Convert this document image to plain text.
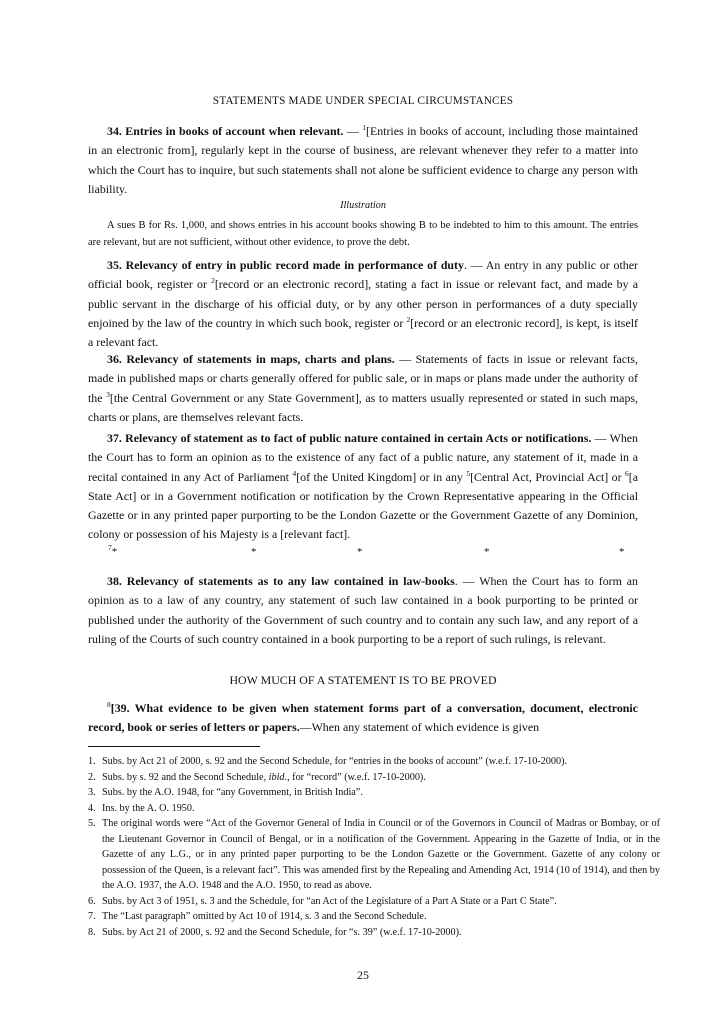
STATEMENTS MADE UNDER SPECIAL CIRCUMSTANCES
34. Entries in books of account when relevant. — $^1$[Entries in books of account, including those maintained in an electronic from], regularly kept in the course of business, are relevant whenever they refer to a matter into which the Court has to inquire, but such statements shall not alone be sufficient evidence to charge any person with liability.
Illustration
A sues B for Rs. 1,000, and shows entries in his account books showing B to be indebted to him to this amount. The entries are relevant, but are not sufficient, without other evidence, to prove the debt.
35. Relevancy of entry in public record made in performance of duty. — An entry in any public or other official book, register or $^2$[record or an electronic record], stating a fact in issue or relevant fact, and made by a public servant in the discharge of his official duty, or by any other person in performances of a duty specially enjoined by the law of the country in which such book, register or $^2$[record or an electronic record], is kept, is itself a relevant fact.
36. Relevancy of statements in maps, charts and plans. — Statements of facts in issue or relevant facts, made in published maps or charts generally offered for public sale, or in maps or plans made under the authority of the $^3$[the Central Government or any State Government], as to matters usually represented or stated in such maps, charts or plans, are themselves relevant facts.
37. Relevancy of statement as to fact of public nature contained in certain Acts or notifications. — When the Court has to form an opinion as to the existence of any fact of a public nature, any statement of it, made in a recital contained in any Act of Parliament $^4$[of the United Kingdom] or in any $^5$[Central Act, Provincial Act] or $^6$[a State Act] or in a Government notification or notification by the Crown Representative appearing in the Official Gazette or in any printed paper purporting to be the London Gazette or the Government Gazette of any Dominion, colony or possession of his Majesty is a [relevant fact].
$^7$*	*	*	*	*
38. Relevancy of statements as to any law contained in law-books. — When the Court has to form an opinion as to a law of any country, any statement of such law contained in a book purporting to be printed or published under the authority of the Government of such country and to contain any such law, and any report of a ruling of the Courts of such country contained in a book purporting to be a report of such rulings, is relevant.
HOW MUCH OF A STATEMENT IS TO BE PROVED
$^8$[39. What evidence to be given when statement forms part of a conversation, document, electronic record, book or series of letters or papers.—When any statement of which evidence is given
1. Subs. by Act 21 of 2000, s. 92 and the Second Schedule, for “entries in the books of account” (w.e.f. 17-10-2000).
2. Subs. by s. 92 and the Second Schedule, ibid., for “record” (w.e.f. 17-10-2000).
3. Subs. by the A.O. 1948, for “any Government, in British India”.
4. Ins. by the A. O. 1950.
5. The original words were “Act of the Governor General of India in Council or of the Governors in Council of Madras or Bombay, or of the Lieutenant Governor in Council of Bengal, or in a notification of the Government. Appearing in the Gazette of India, or in the Gazette of any L.G., or in any printed paper purporting to be the London Gazette or the Government. Gazette of any colony or possession of the Queen, is a relevant fact”. This was amended first by the Repealing and Amending Act, 1914 (10 of 1914), and then by the A.O. 1937, the A.O. 1948 and the A.O. 1950, to read as above.
6. Subs. by Act 3 of 1951, s. 3 and the Schedule, for “an Act of the Legislature of a Part A State or a Part C State”.
7. The “Last paragraph” omitted by Act 10 of 1914, s. 3 and the Second Schedule.
8. Subs. by Act 21 of 2000, s. 92 and the Second Schedule, for “s. 39” (w.e.f. 17-10-2000).
25
